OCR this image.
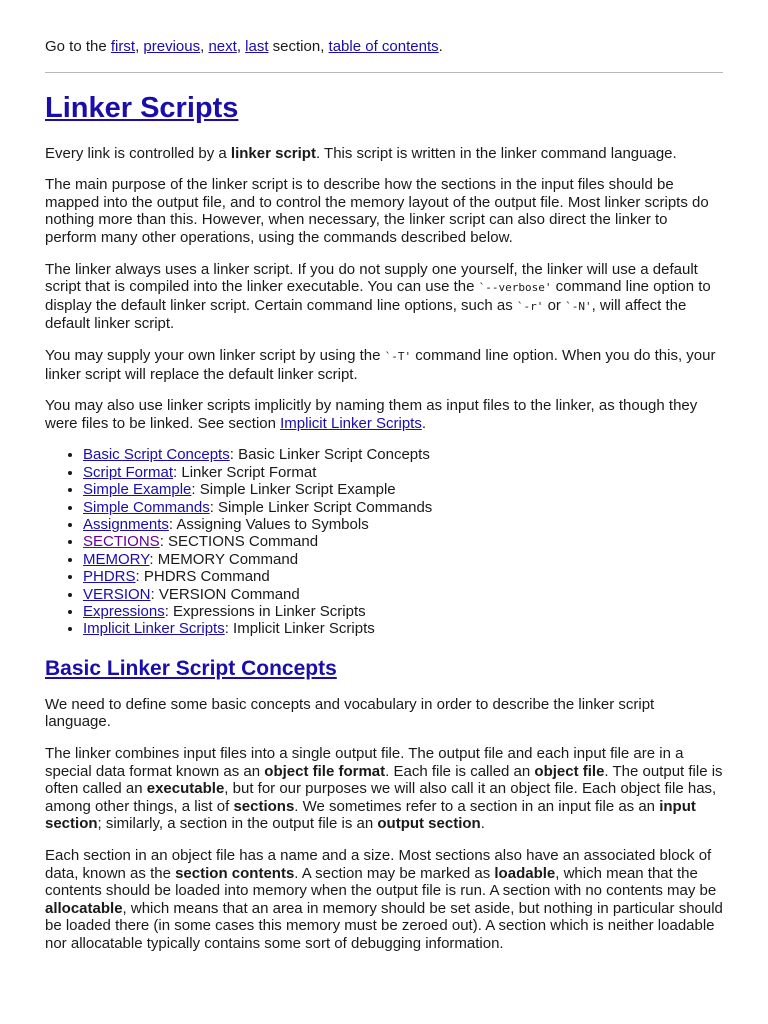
Go to the first, previous, next, last section, table of contents.

Linker Scripts

Every link is controlled by a linker script. This script is written in the linker command language.

The main purpose of the linker script is to describe how the sections in the input files should be mapped into the output file, and to control the memory layout of the output file. Most linker scripts do nothing more than this. However, when necessary, the linker script can also direct the linker to perform many other operations, using the commands described below.

The linker always uses a linker script. If you do not supply one yourself, the linker will use a default script that is compiled into the linker executable. You can use the `--verbose' command line option to display the default linker script. Certain command line options, such as `-r' or `-N', will affect the default linker script.

You may supply your own linker script by using the `-T' command line option. When you do this, your linker script will replace the default linker script.

You may also use linker scripts implicitly by naming them as input files to the linker, as though they were files to be linked. See section Implicit Linker Scripts.

• Basic Script Concepts: Basic Linker Script Concepts
• Script Format: Linker Script Format
• Simple Example: Simple Linker Script Example
• Simple Commands: Simple Linker Script Commands
• Assignments: Assigning Values to Symbols
• SECTIONS: SECTIONS Command
• MEMORY: MEMORY Command
• PHDRS: PHDRS Command
• VERSION: VERSION Command
• Expressions: Expressions in Linker Scripts
• Implicit Linker Scripts: Implicit Linker Scripts
Basic Linker Script Concepts

We need to define some basic concepts and vocabulary in order to describe the linker script language.

The linker combines input files into a single output file. The output file and each input file are in a special data format known as an object file format. Each file is called an object file. The output file is often called an executable, but for our purposes we will also call it an object file. Each object file has, among other things, a list of sections. We sometimes refer to a section in an input file as an input section; similarly, a section in the output file is an output section.

Each section in an object file has a name and a size. Most sections also have an associated block of data, known as the section contents. A section may be marked as loadable, which mean that the contents should be loaded into memory when the output file is run. A section with no contents may be allocatable, which means that an area in memory should be set aside, but nothing in particular should be loaded there (in some cases this memory must be zeroed out). A section which is neither loadable nor allocatable typically contains some sort of debugging information.
